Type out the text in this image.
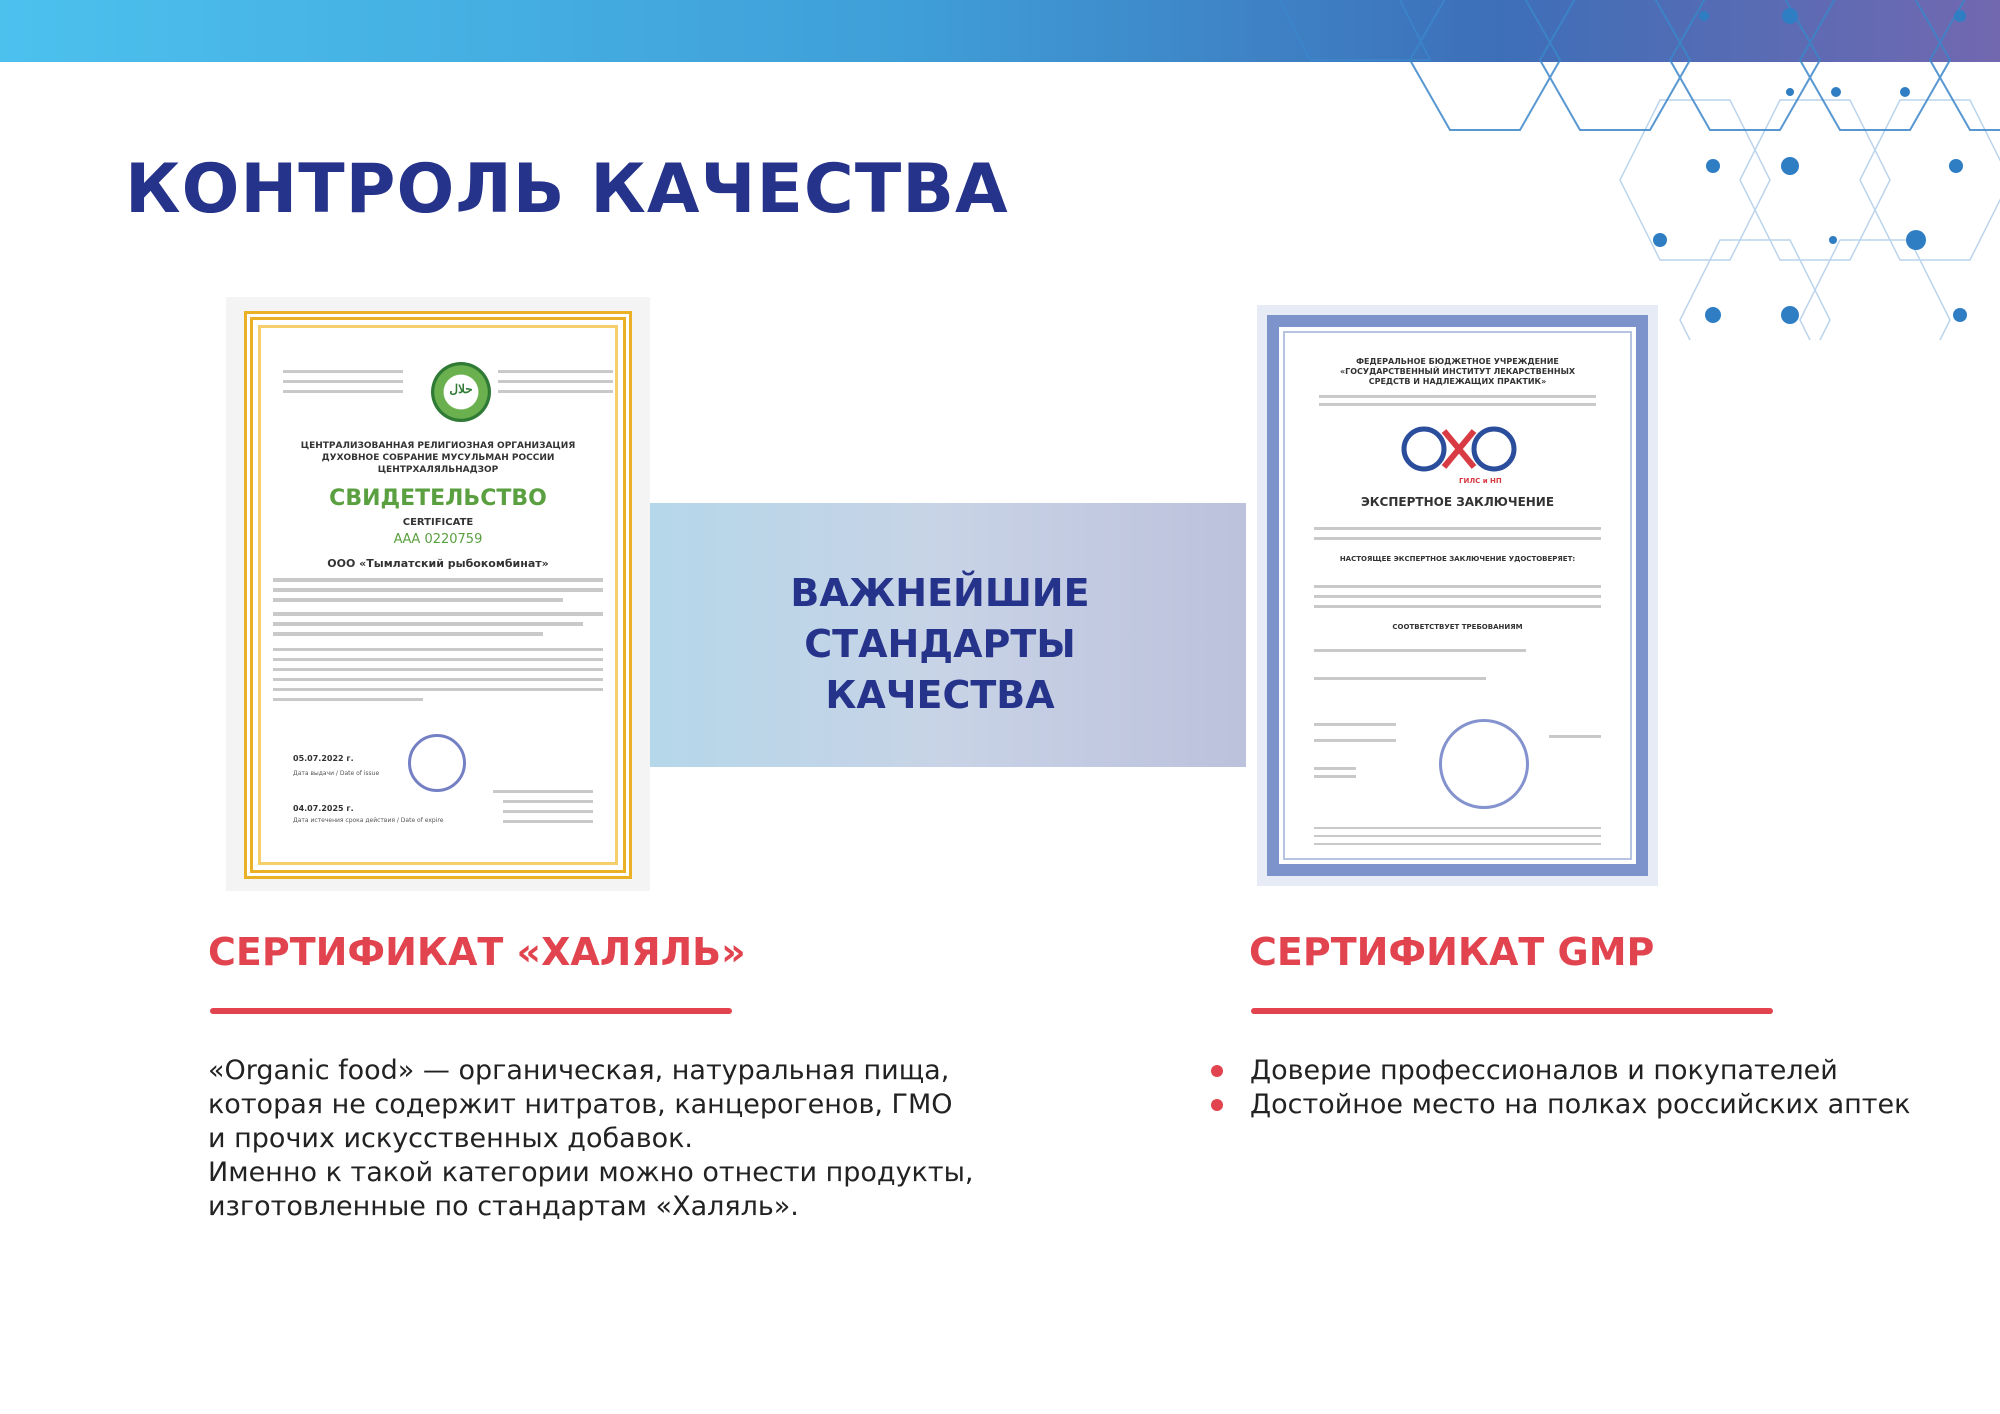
КОНТРОЛЬ КАЧЕСТВА
ВАЖНЕЙШИЕ
СТАНДАРТЫ
КАЧЕСТВА
حلال
ЦЕНТРАЛИЗОВАННАЯ РЕЛИГИОЗНАЯ ОРГАНИЗАЦИЯ
ДУХОВНОЕ СОБРАНИЕ МУСУЛЬМАН РОССИИ
ЦЕНТРХАЛЯЛЬНАДЗОР
СВИДЕТЕЛЬСТВО
CERTIFICATE
ААА 0220759
ООО «Тымлатский рыбокомбинат»
05.07.2022 г.
Дата выдачи / Date of issue
04.07.2025 г.
Дата истечения срока действия / Date of expire
ФЕДЕРАЛЬНОЕ БЮДЖЕТНОЕ УЧРЕЖДЕНИЕ
«ГОСУДАРСТВЕННЫЙ ИНСТИТУТ ЛЕКАРСТВЕННЫХ
СРЕДСТВ И НАДЛЕЖАЩИХ ПРАКТИК»
ГИЛС и НП
ЭКСПЕРТНОЕ ЗАКЛЮЧЕНИЕ
НАСТОЯЩЕЕ ЭКСПЕРТНОЕ ЗАКЛЮЧЕНИЕ УДОСТОВЕРЯЕТ:
СООТВЕТСТВУЕТ ТРЕБОВАНИЯМ
СЕРТИФИКАТ «ХАЛЯЛЬ»	СЕРТИФИКАТ GMP
«Organic food» — органическая, натуральная пища,
которая не содержит нитратов, канцерогенов, ГМО
и прочих искусственных добавок.
Именно к такой категории можно отнести продукты,
изготовленные по стандартам «Халяль».
Доверие профессионалов и покупателей
Достойное место на полках российских аптек
